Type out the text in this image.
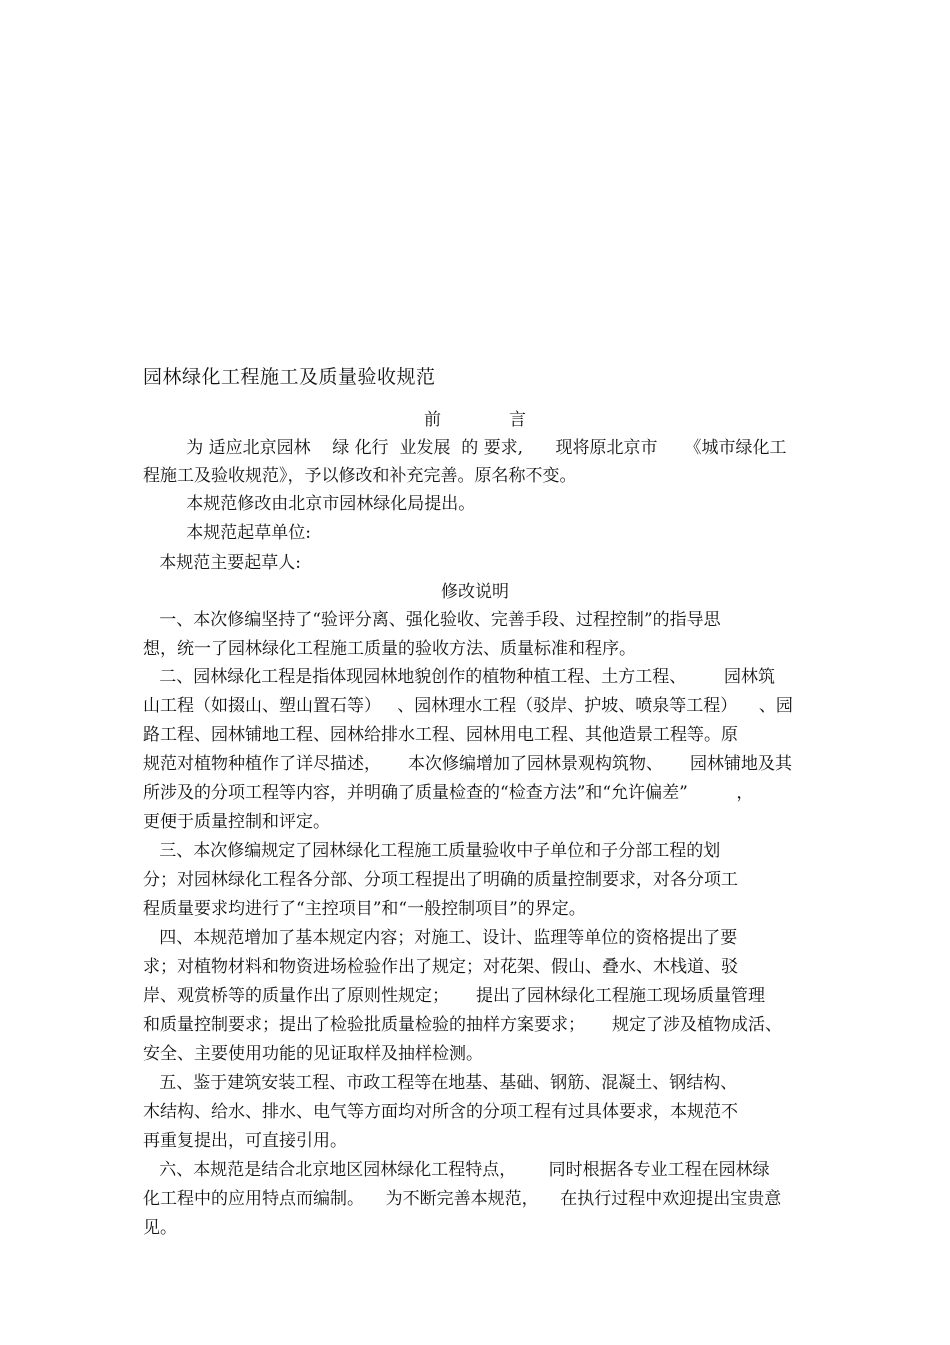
园林绿化工程施工及质量验收规范
前　　　　言
为 适应北京园林    绿 化行  业发展  的 要求,      现将原北京市     《城市绿化工
程施工及验收规范》，予以修改和补充完善。原名称不变。
本规范修改由北京市园林绿化局提出。
本规范起草单位:
本规范主要起草人:
修改说明
一、本次修编坚持了“验评分离、强化验收、完善手段、过程控制”的指导思
想，统一了园林绿化工程施工质量的验收方法、质量标准和程序。
二、园林绿化工程是指体现园林地貌创作的植物种植工程、土方工程、       园林筑
山工程（如掇山、塑山置石等）   、园林理水工程（驳岸、护坡、喷泉等工程）    、园
路工程、园林铺地工程、园林给排水工程、园林用电工程、其他造景工程等。原
规范对植物种植作了详尽描述，     本次修编增加了园林景观构筑物、     园林铺地及其
所涉及的分项工程等内容，并明确了质量检查的“检查方法”和“允许偏差”         ，
更便于质量控制和评定。
三、本次修编规定了园林绿化工程施工质量验收中子单位和子分部工程的划
分；对园林绿化工程各分部、分项工程提出了明确的质量控制要求，对各分项工
程质量要求均进行了“主控项目”和“一般控制项目”的界定。
四、本规范增加了基本规定内容；对施工、设计、监理等单位的资格提出了要
求；对植物材料和物资进场检验作出了规定；对花架、假山、叠水、木栈道、驳
岸、观赏桥等的质量作出了原则性规定；     提出了园林绿化工程施工现场质量管理
和质量控制要求；提出了检验批质量检验的抽样方案要求；     规定了涉及植物成活、
安全、主要使用功能的见证取样及抽样检测。
五、鉴于建筑安装工程、市政工程等在地基、基础、钢筋、混凝土、钢结构、
木结构、给水、排水、电气等方面均对所含的分项工程有过具体要求，本规范不
再重复提出，可直接引用。
六、本规范是结合北京地区园林绿化工程特点，      同时根据各专业工程在园林绿
化工程中的应用特点而编制。    为不断完善本规范，    在执行过程中欢迎提出宝贵意
见。
